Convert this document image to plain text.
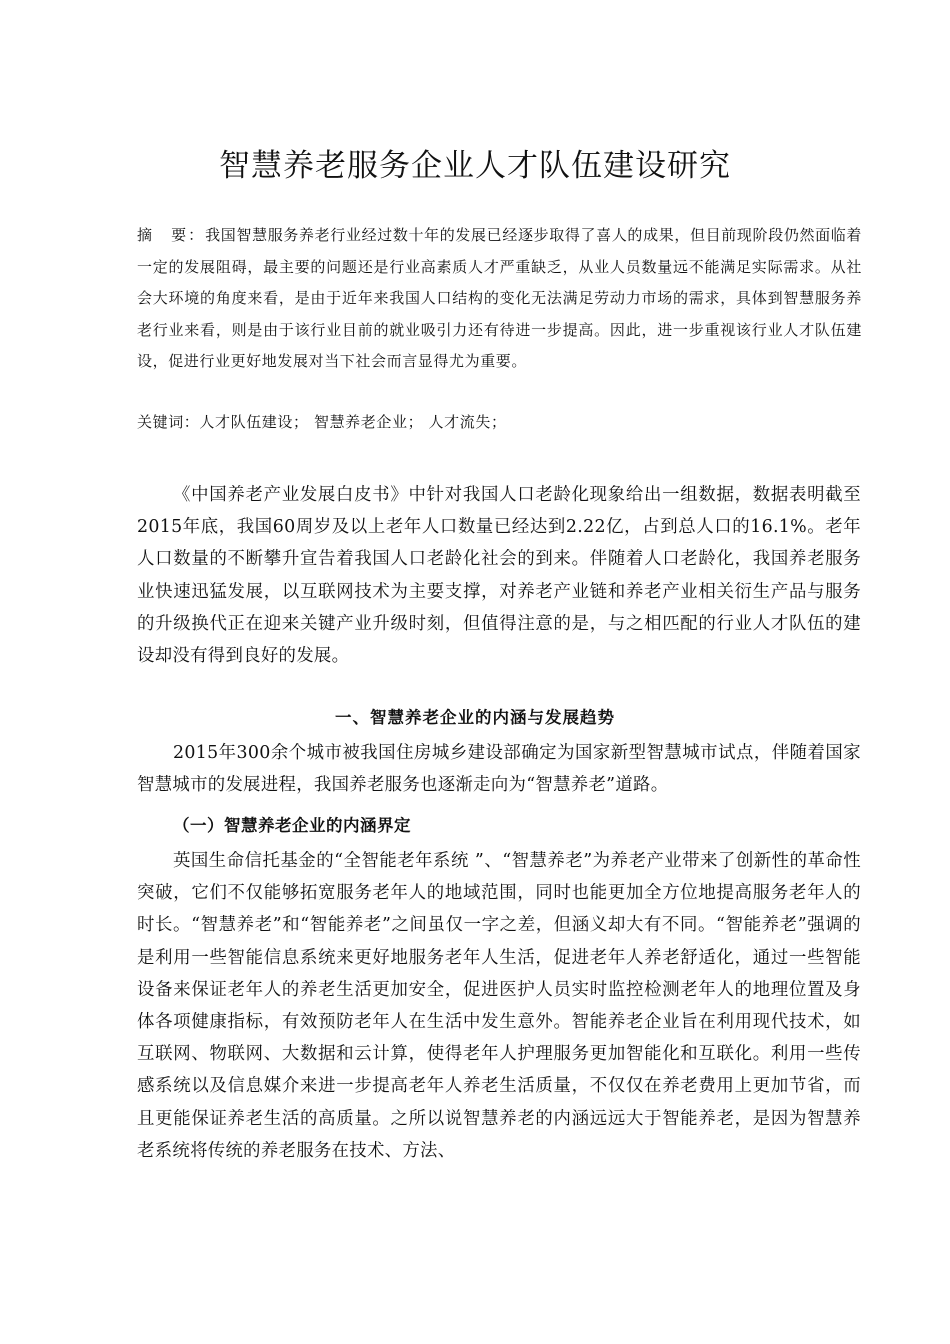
智慧养老服务企业人才队伍建设研究
摘　要：我国智慧服务养老行业经过数十年的发展已经逐步取得了喜人的成果，但目前现阶段仍然面临着一定的发展阻碍，最主要的问题还是行业高素质人才严重缺乏，从业人员数量远不能满足实际需求。从社会大环境的角度来看，是由于近年来我国人口结构的变化无法满足劳动力市场的需求，具体到智慧服务养老行业来看，则是由于该行业目前的就业吸引力还有待进一步提高。因此，进一步重视该行业人才队伍建设，促进行业更好地发展对当下社会而言显得尤为重要。
关键词：人才队伍建设； 智慧养老企业； 人才流失；

《中国养老产业发展白皮书》中针对我国人口老龄化现象给出一组数据，数据表明截至2015年底，我国60周岁及以上老年人口数量已经达到2.22亿，占到总人口的16.1%。老年人口数量的不断攀升宣告着我国人口老龄化社会的到来。伴随着人口老龄化，我国养老服务业快速迅猛发展，以互联网技术为主要支撑，对养老产业链和养老产业相关衍生产品与服务的升级换代正在迎来关键产业升级时刻，但值得注意的是，与之相匹配的行业人才队伍的建设却没有得到良好的发展。

一、智慧养老企业的内涵与发展趋势

2015年300余个城市被我国住房城乡建设部确定为国家新型智慧城市试点，伴随着国家智慧城市的发展进程，我国养老服务也逐渐走向为“智慧养老”道路。

（一）智慧养老企业的内涵界定

英国生命信托基金的“全智能老年系统 ”、“智慧养老”为养老产业带来了创新性的革命性突破，它们不仅能够拓宽服务老年人的地域范围，同时也能更加全方位地提高服务老年人的时长。“智慧养老”和“智能养老”之间虽仅一字之差，但涵义却大有不同。“智能养老”强调的是利用一些智能信息系统来更好地服务老年人生活，促进老年人养老舒适化，通过一些智能设备来保证老年人的养老生活更加安全，促进医护人员实时监控检测老年人的地理位置及身体各项健康指标，有效预防老年人在生活中发生意外。智能养老企业旨在利用现代技术，如互联网、物联网、大数据和云计算，使得老年人护理服务更加智能化和互联化。利用一些传感系统以及信息媒介来进一步提高老年人养老生活质量，不仅仅在养老费用上更加节省，而且更能保证养老生活的高质量。之所以说智慧养老的内涵远远大于智能养老，是因为智慧养老系统将传统的养老服务在技术、方法、
